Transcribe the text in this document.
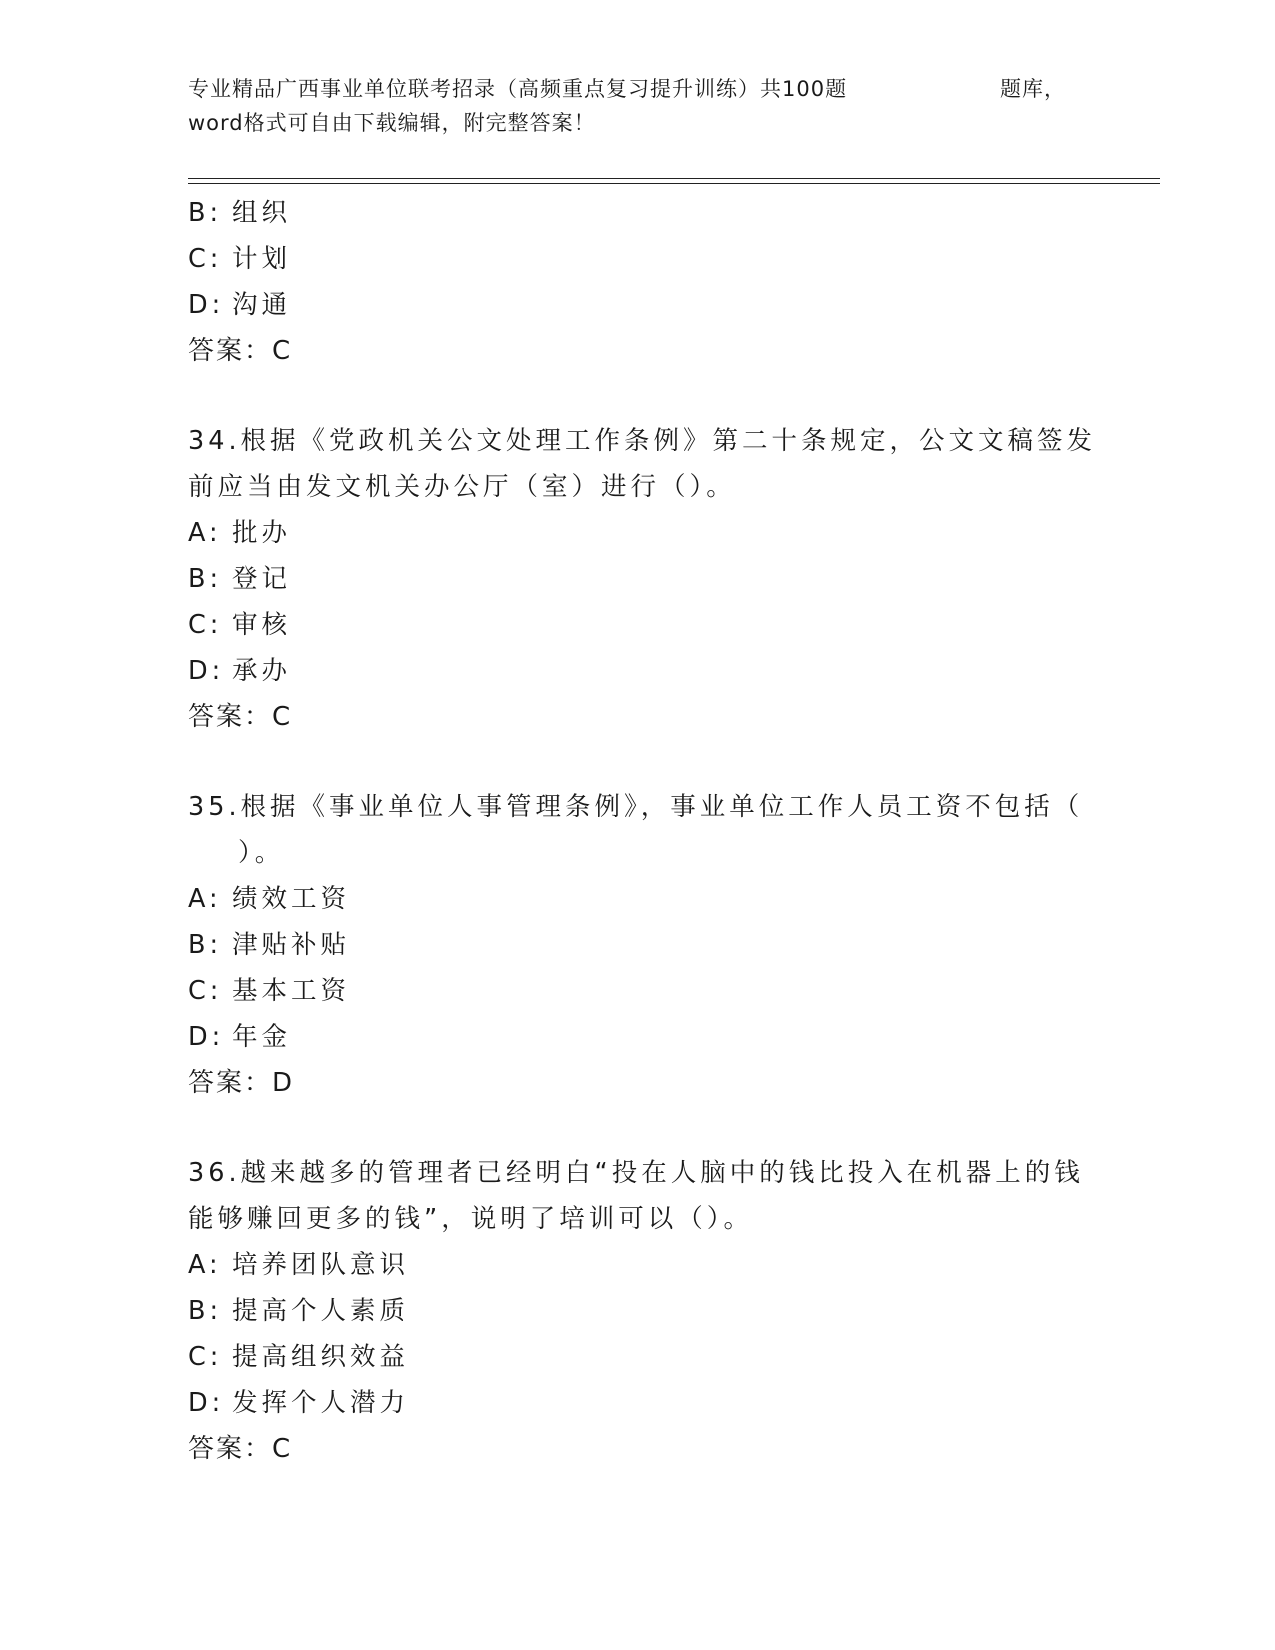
专业精品广西事业单位联考招录（高频重点复习提升训练）共100题	题库，
word格式可自由下载编辑，附完整答案！
B: 组织
C: 计划
D: 沟通
答案：C
34.根据《党政机关公文处理工作条例》第二十条规定，公文文稿签发
前应当由发文机关办公厅（室）进行（）。
A: 批办
B: 登记
C: 审核
D: 承办
答案：C
35.根据《事业单位人事管理条例》，事业单位工作人员工资不包括（
）。
A: 绩效工资
B: 津贴补贴
C: 基本工资
D: 年金
答案：D
36.越来越多的管理者已经明白“投在人脑中的钱比投入在机器上的钱
能够赚回更多的钱”，说明了培训可以（）。
A: 培养团队意识
B: 提高个人素质
C: 提高组织效益
D: 发挥个人潜力
答案：C
